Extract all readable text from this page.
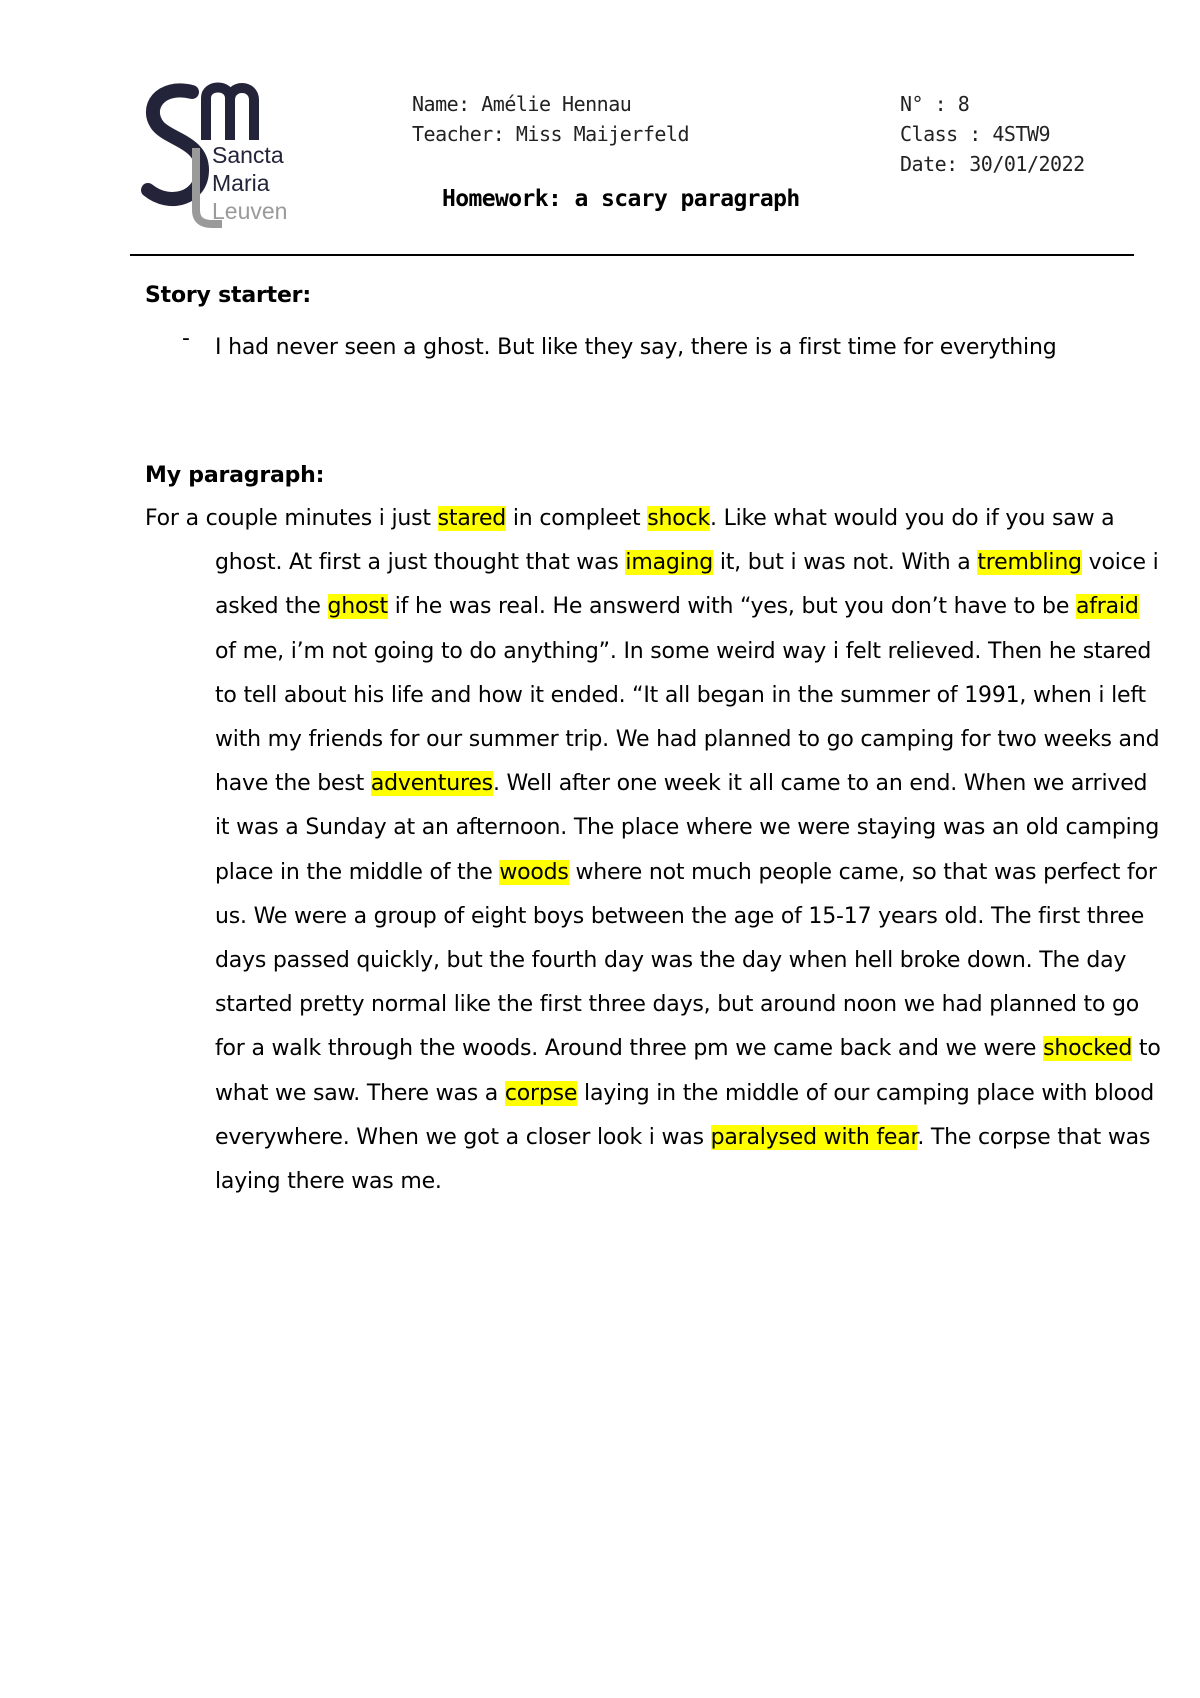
Sancta
Maria
Leuven
Name: Amélie Hennau
Teacher: Miss Maijerfeld
N° : 8
Class : 4STW9
Date: 30/01/2022
Homework: a scary paragraph
Story starter:
- I had never seen a ghost. But like they say, there is a first time for everything

My paragraph:

For a couple minutes i just stared in compleet shock. Like what would you do if you saw a ghost. At first a just thought that was imaging it, but i was not. With a trembling voice i asked the ghost if he was real. He answerd with “yes, but you don’t have to be afraid of me, i’m not going to do anything”. In some weird way i felt relieved. Then he stared to tell about his life and how it ended. “It all began in the summer of 1991, when i left with my friends for our summer trip. We had planned to go camping for two weeks and have the best adventures. Well after one week it all came to an end. When we arrived it was a Sunday at an afternoon. The place where we were staying was an old camping place in the middle of the woods where not much people came, so that was perfect for us. We were a group of eight boys between the age of 15-17 years old. The first three days passed quickly, but the fourth day was the day when hell broke down. The day started pretty normal like the first three days, but around noon we had planned to go for a walk through the woods. Around three pm we came back and we were shocked to what we saw. There was a corpse laying in the middle of our camping place with blood everywhere. When we got a closer look i was paralysed with fear. The corpse that was laying there was me.
